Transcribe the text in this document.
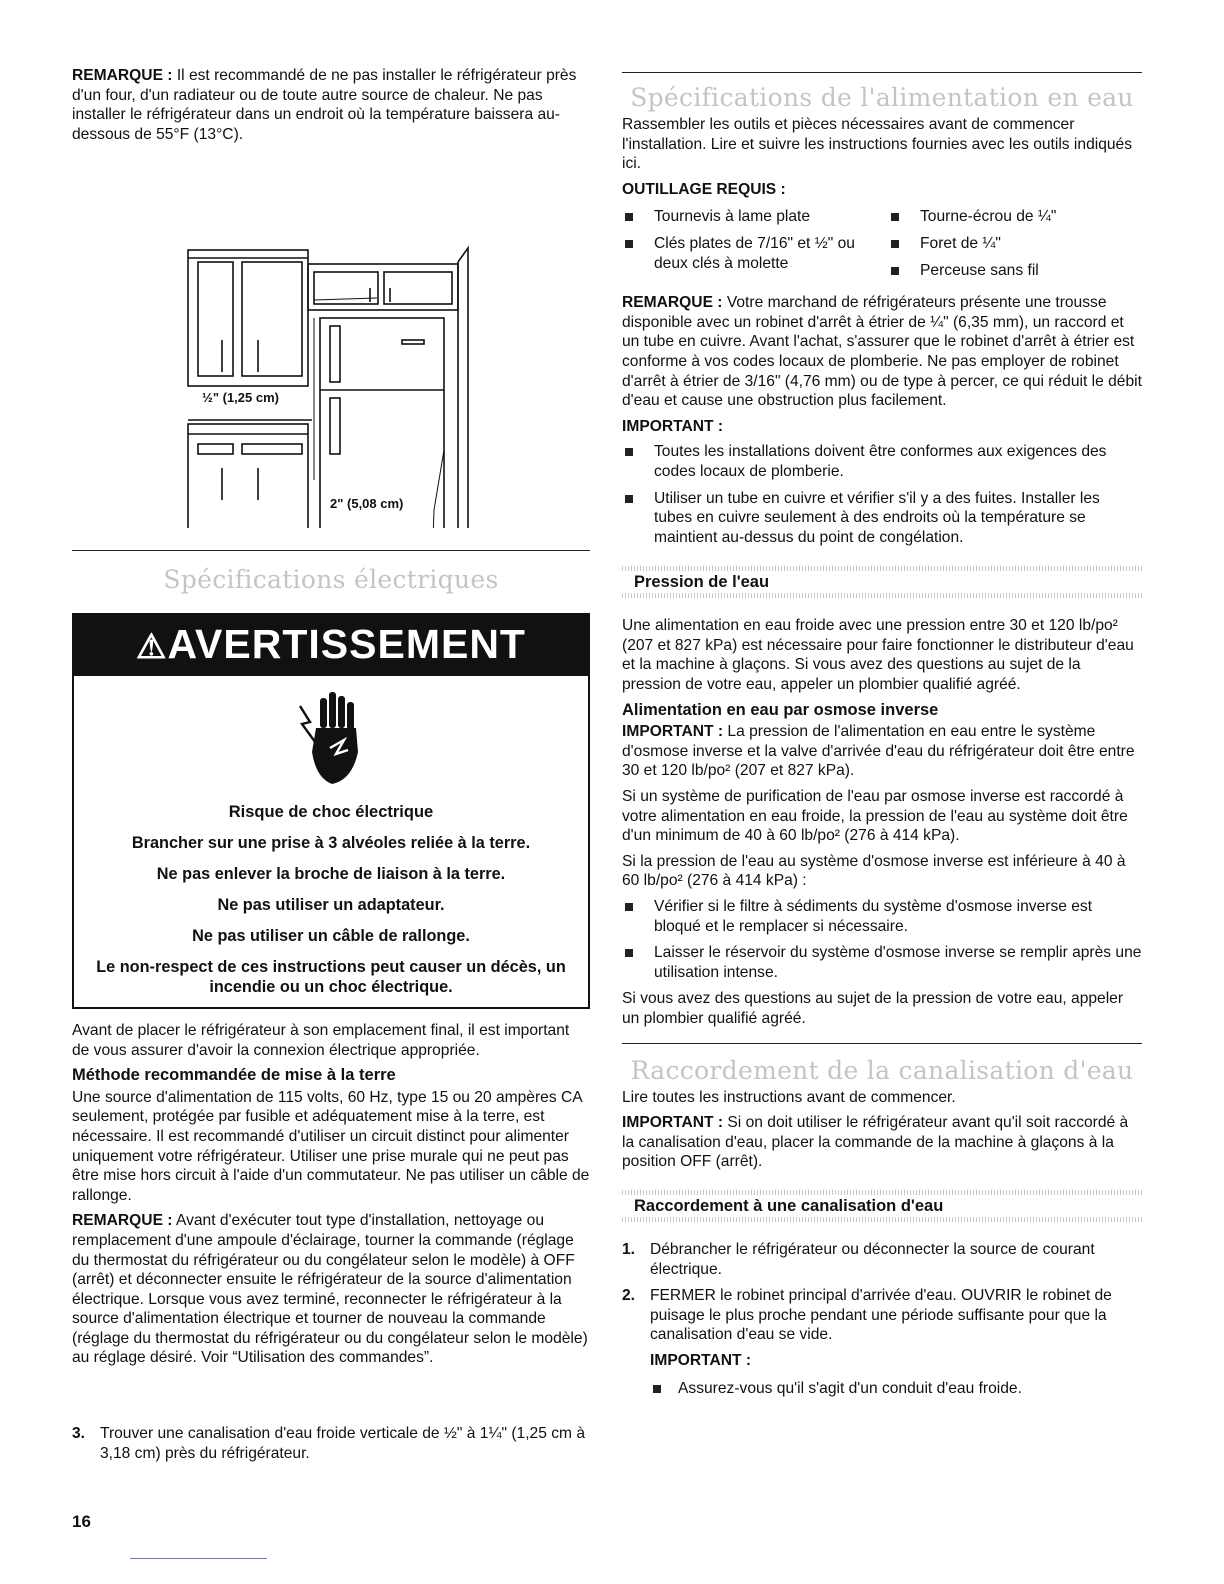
REMARQUE : Il est recommandé de ne pas installer le réfrigérateur près d'un four, d'un radiateur ou de toute autre source de chaleur. Ne pas installer le réfrigérateur dans un endroit où la température baissera au-dessous de 55°F (13°C).

½" (1,25 cm)
2" (5,08 cm)
Spécifications électriques
⚠AVERTISSEMENT
Risque de choc électrique
Brancher sur une prise à 3 alvéoles reliée à la terre.
Ne pas enlever la broche de liaison à la terre.
Ne pas utiliser un adaptateur.
Ne pas utiliser un câble de rallonge.
Le non-respect de ces instructions peut causer un décès, un incendie ou un choc électrique.

Avant de placer le réfrigérateur à son emplacement final, il est important de vous assurer d'avoir la connexion électrique appropriée.

Méthode recommandée de mise à la terre

Une source d'alimentation de 115 volts, 60 Hz, type 15 ou 20 ampères CA seulement, protégée par fusible et adéquatement mise à la terre, est nécessaire. Il est recommandé d'utiliser un circuit distinct pour alimenter uniquement votre réfrigérateur. Utiliser une prise murale qui ne peut pas être mise hors circuit à l'aide d'un commutateur. Ne pas utiliser un câble de rallonge.

REMARQUE : Avant d'exécuter tout type d'installation, nettoyage ou remplacement d'une ampoule d'éclairage, tourner la commande (réglage du thermostat du réfrigérateur ou du congélateur selon le modèle) à OFF (arrêt) et déconnecter ensuite le réfrigérateur de la source d'alimentation électrique. Lorsque vous avez terminé, reconnecter le réfrigérateur à la source d'alimentation électrique et tourner de nouveau la commande (réglage du thermostat du réfrigérateur ou du congélateur selon le modèle) au réglage désiré. Voir “Utilisation des commandes”.

3. Trouver une canalisation d'eau froide verticale de ½" à 1¼" (1,25 cm à 3,18 cm) près du réfrigérateur.
16
Spécifications de l'alimentation en eau

Rassembler les outils et pièces nécessaires avant de commencer l'installation. Lire et suivre les instructions fournies avec les outils indiqués ici.

OUTILLAGE REQUIS :
Tournevis à lame plate
Clés plates de 7/16" et ½" ou deux clés à molette
Tourne-écrou de ¼"
Foret de ¼"
Perceuse sans fil

REMARQUE : Votre marchand de réfrigérateurs présente une trousse disponible avec un robinet d'arrêt à étrier de ¼" (6,35 mm), un raccord et un tube en cuivre. Avant l'achat, s'assurer que le robinet d'arrêt à étrier est conforme à vos codes locaux de plomberie. Ne pas employer de robinet d'arrêt à étrier de 3/16" (4,76 mm) ou de type à percer, ce qui réduit le débit d'eau et cause une obstruction plus facilement.

IMPORTANT :
Toutes les installations doivent être conformes aux exigences des codes locaux de plomberie.
Utiliser un tube en cuivre et vérifier s'il y a des fuites. Installer les tubes en cuivre seulement à des endroits où la température se maintient au-dessus du point de congélation.
Pression de l'eau

Une alimentation en eau froide avec une pression entre 30 et 120 lb/po² (207 et 827 kPa) est nécessaire pour faire fonctionner le distributeur d'eau et la machine à glaçons. Si vous avez des questions au sujet de la pression de votre eau, appeler un plombier qualifié agréé.

Alimentation en eau par osmose inverse

IMPORTANT : La pression de l'alimentation en eau entre le système d'osmose inverse et la valve d'arrivée d'eau du réfrigérateur doit être entre 30 et 120 lb/po² (207 et 827 kPa).

Si un système de purification de l'eau par osmose inverse est raccordé à votre alimentation en eau froide, la pression de l'eau au système doit être d'un minimum de 40 à 60 lb/po² (276 à 414 kPa).

Si la pression de l'eau au système d'osmose inverse est inférieure à 40 à 60 lb/po² (276 à 414 kPa) :

Vérifier si le filtre à sédiments du système d'osmose inverse est bloqué et le remplacer si nécessaire.
Laisser le réservoir du système d'osmose inverse se remplir après une utilisation intense.

Si vous avez des questions au sujet de la pression de votre eau, appeler un plombier qualifié agréé.

Raccordement de la canalisation d'eau

Lire toutes les instructions avant de commencer.

IMPORTANT : Si on doit utiliser le réfrigérateur avant qu'il soit raccordé à la canalisation d'eau, placer la commande de la machine à glaçons à la position OFF (arrêt).

Raccordement à une canalisation d'eau
1. Débrancher le réfrigérateur ou déconnecter la source de courant électrique.
2. FERMER le robinet principal d'arrivée d'eau. OUVRIR le robinet de puisage le plus proche pendant une période suffisante pour que la canalisation d'eau se vide.
IMPORTANT :
Assurez-vous qu'il s'agit d'un conduit d'eau froide.
